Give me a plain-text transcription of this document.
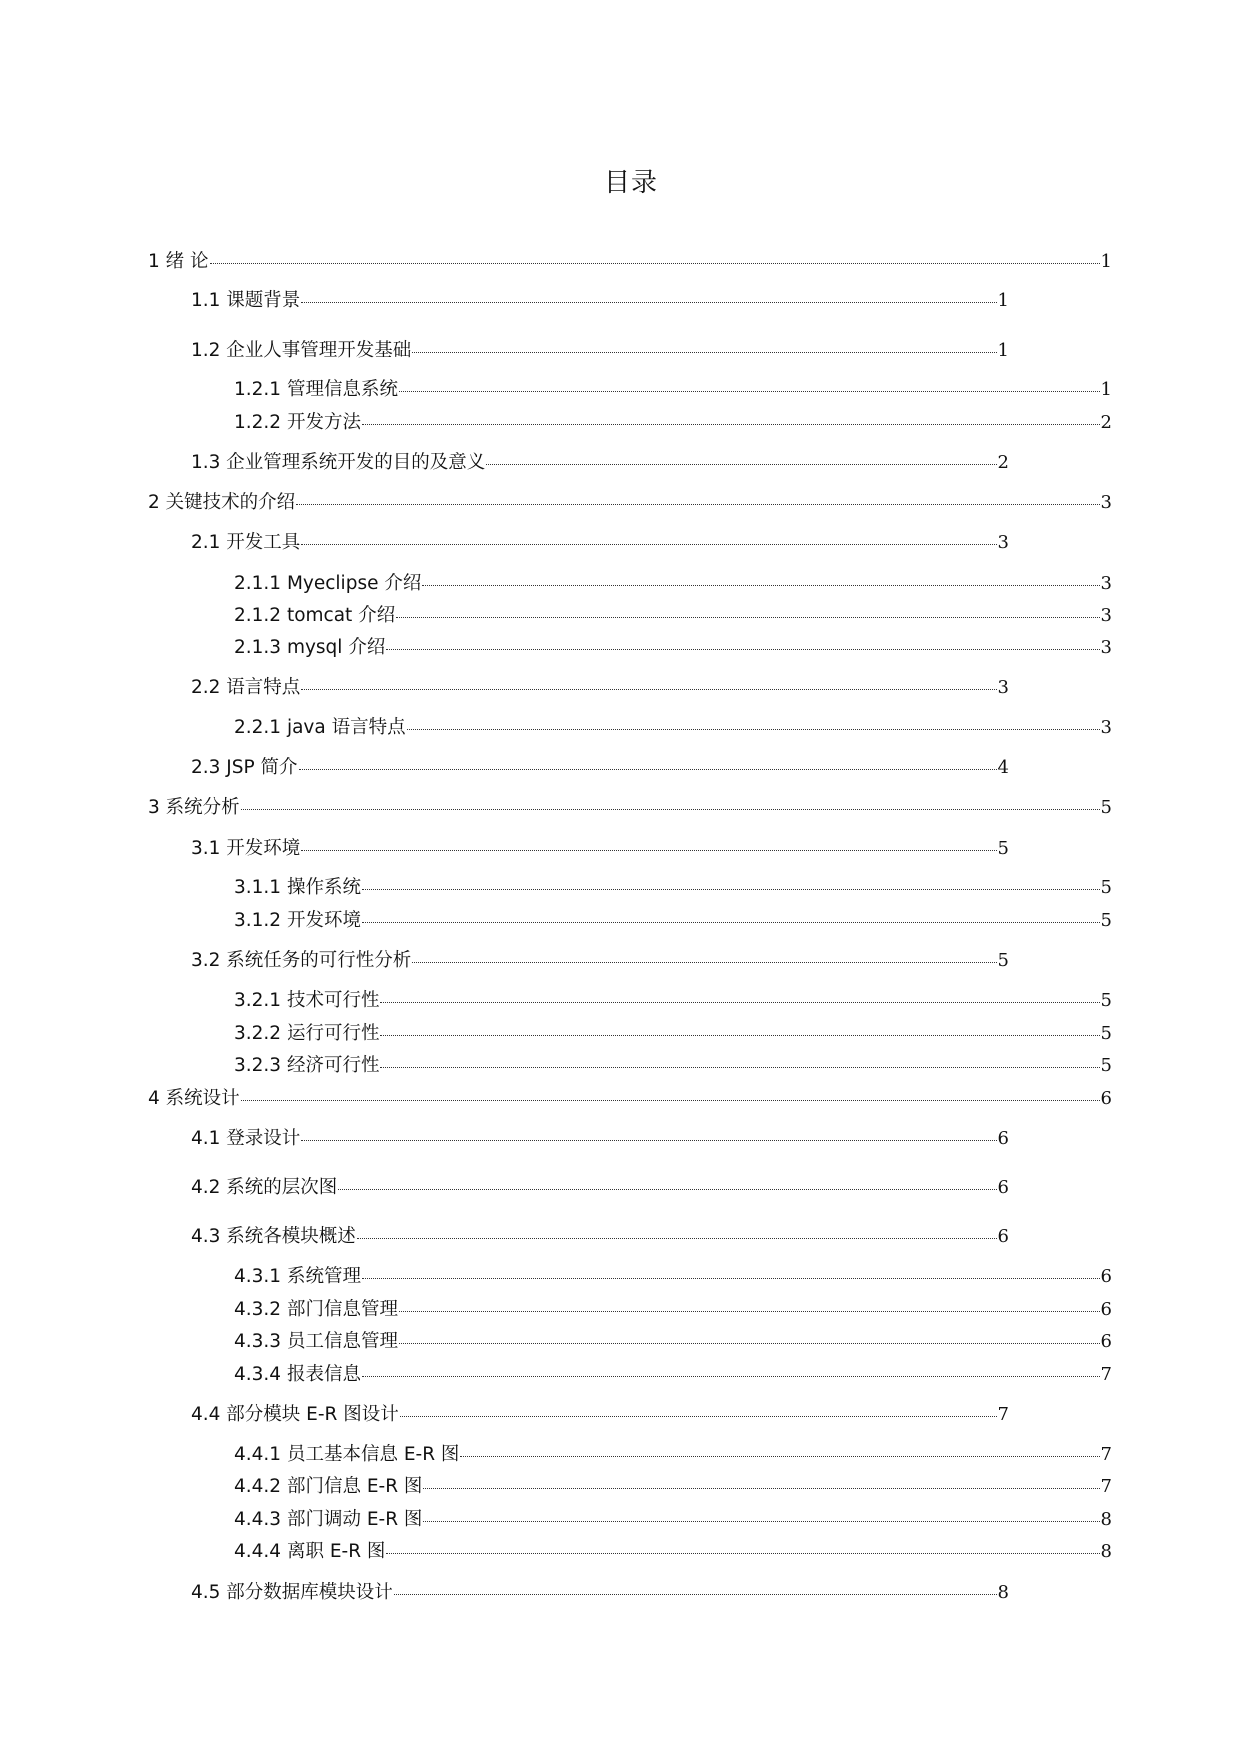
目录
1 绪 论	1
1.1 课题背景	1
1.2 企业人事管理开发基础	1
1.2.1 管理信息系统	1
1.2.2 开发方法	2
1.3 企业管理系统开发的目的及意义	2
2 关键技术的介绍	3
2.1 开发工具	3
2.1.1 Myeclipse 介绍	3
2.1.2 tomcat 介绍	3
2.1.3 mysql 介绍	3
2.2 语言特点	3
2.2.1 java 语言特点	3
2.3 JSP 简介	4
3 系统分析	5
3.1 开发环境	5
3.1.1 操作系统	5
3.1.2 开发环境	5
3.2 系统任务的可行性分析	5
3.2.1 技术可行性	5
3.2.2 运行可行性	5
3.2.3 经济可行性	5
4 系统设计	6
4.1 登录设计	6
4.2 系统的层次图	6
4.3 系统各模块概述	6
4.3.1 系统管理	6
4.3.2 部门信息管理	6
4.3.3 员工信息管理	6
4.3.4 报表信息	7
4.4 部分模块 E-R 图设计	7
4.4.1 员工基本信息 E-R 图	7
4.4.2 部门信息 E-R 图	7
4.4.3 部门调动 E-R 图	8
4.4.4 离职 E-R 图	8
4.5 部分数据库模块设计	8
